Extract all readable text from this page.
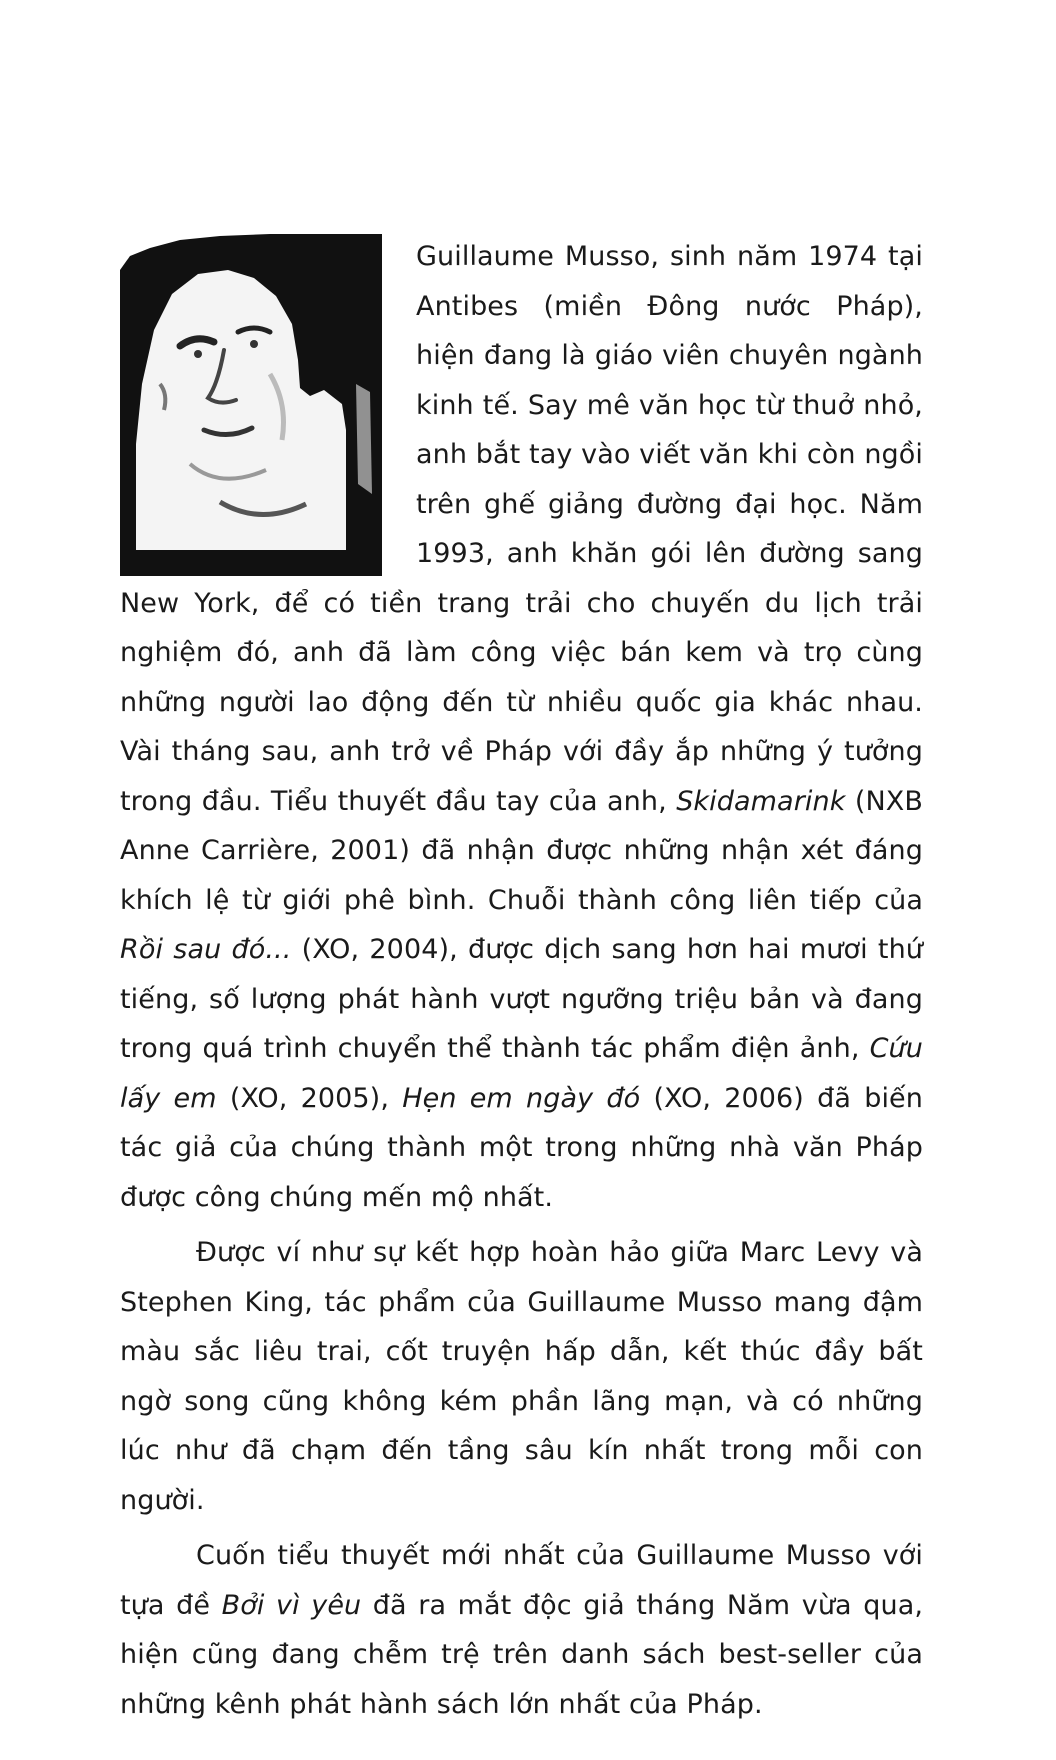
Guillaume Musso, sinh năm 1974 tại Antibes (miền Đông nước Pháp), hiện đang là giáo viên chuyên ngành kinh tế. Say mê văn học từ thuở nhỏ, anh bắt tay vào viết văn khi còn ngồi trên ghế giảng đường đại học. Năm 1993, anh khăn gói lên đường sang New York, để có tiền trang trải cho chuyến du lịch trải nghiệm đó, anh đã làm công việc bán kem và trọ cùng những người lao động đến từ nhiều quốc gia khác nhau. Vài tháng sau, anh trở về Pháp với đầy ắp những ý tưởng trong đầu. Tiểu thuyết đầu tay của anh, Skidamarink (NXB Anne Carrière, 2001) đã nhận được những nhận xét đáng khích lệ từ giới phê bình. Chuỗi thành công liên tiếp của Rồi sau đó... (XO, 2004), được dịch sang hơn hai mươi thứ tiếng, số lượng phát hành vượt ngưỡng triệu bản và đang trong quá trình chuyển thể thành tác phẩm điện ảnh, Cứu lấy em (XO, 2005), Hẹn em ngày đó (XO, 2006) đã biến tác giả của chúng thành một trong những nhà văn Pháp được công chúng mến mộ nhất.

Được ví như sự kết hợp hoàn hảo giữa Marc Levy và Stephen King, tác phẩm của Guillaume Musso mang đậm màu sắc liêu trai, cốt truyện hấp dẫn, kết thúc đầy bất ngờ song cũng không kém phần lãng mạn, và có những lúc như đã chạm đến tầng sâu kín nhất trong mỗi con người.

Cuốn tiểu thuyết mới nhất của Guillaume Musso với tựa đề Bởi vì yêu đã ra mắt độc giả tháng Năm vừa qua, hiện cũng đang chễm trệ trên danh sách best-seller của những kênh phát hành sách lớn nhất của Pháp.
